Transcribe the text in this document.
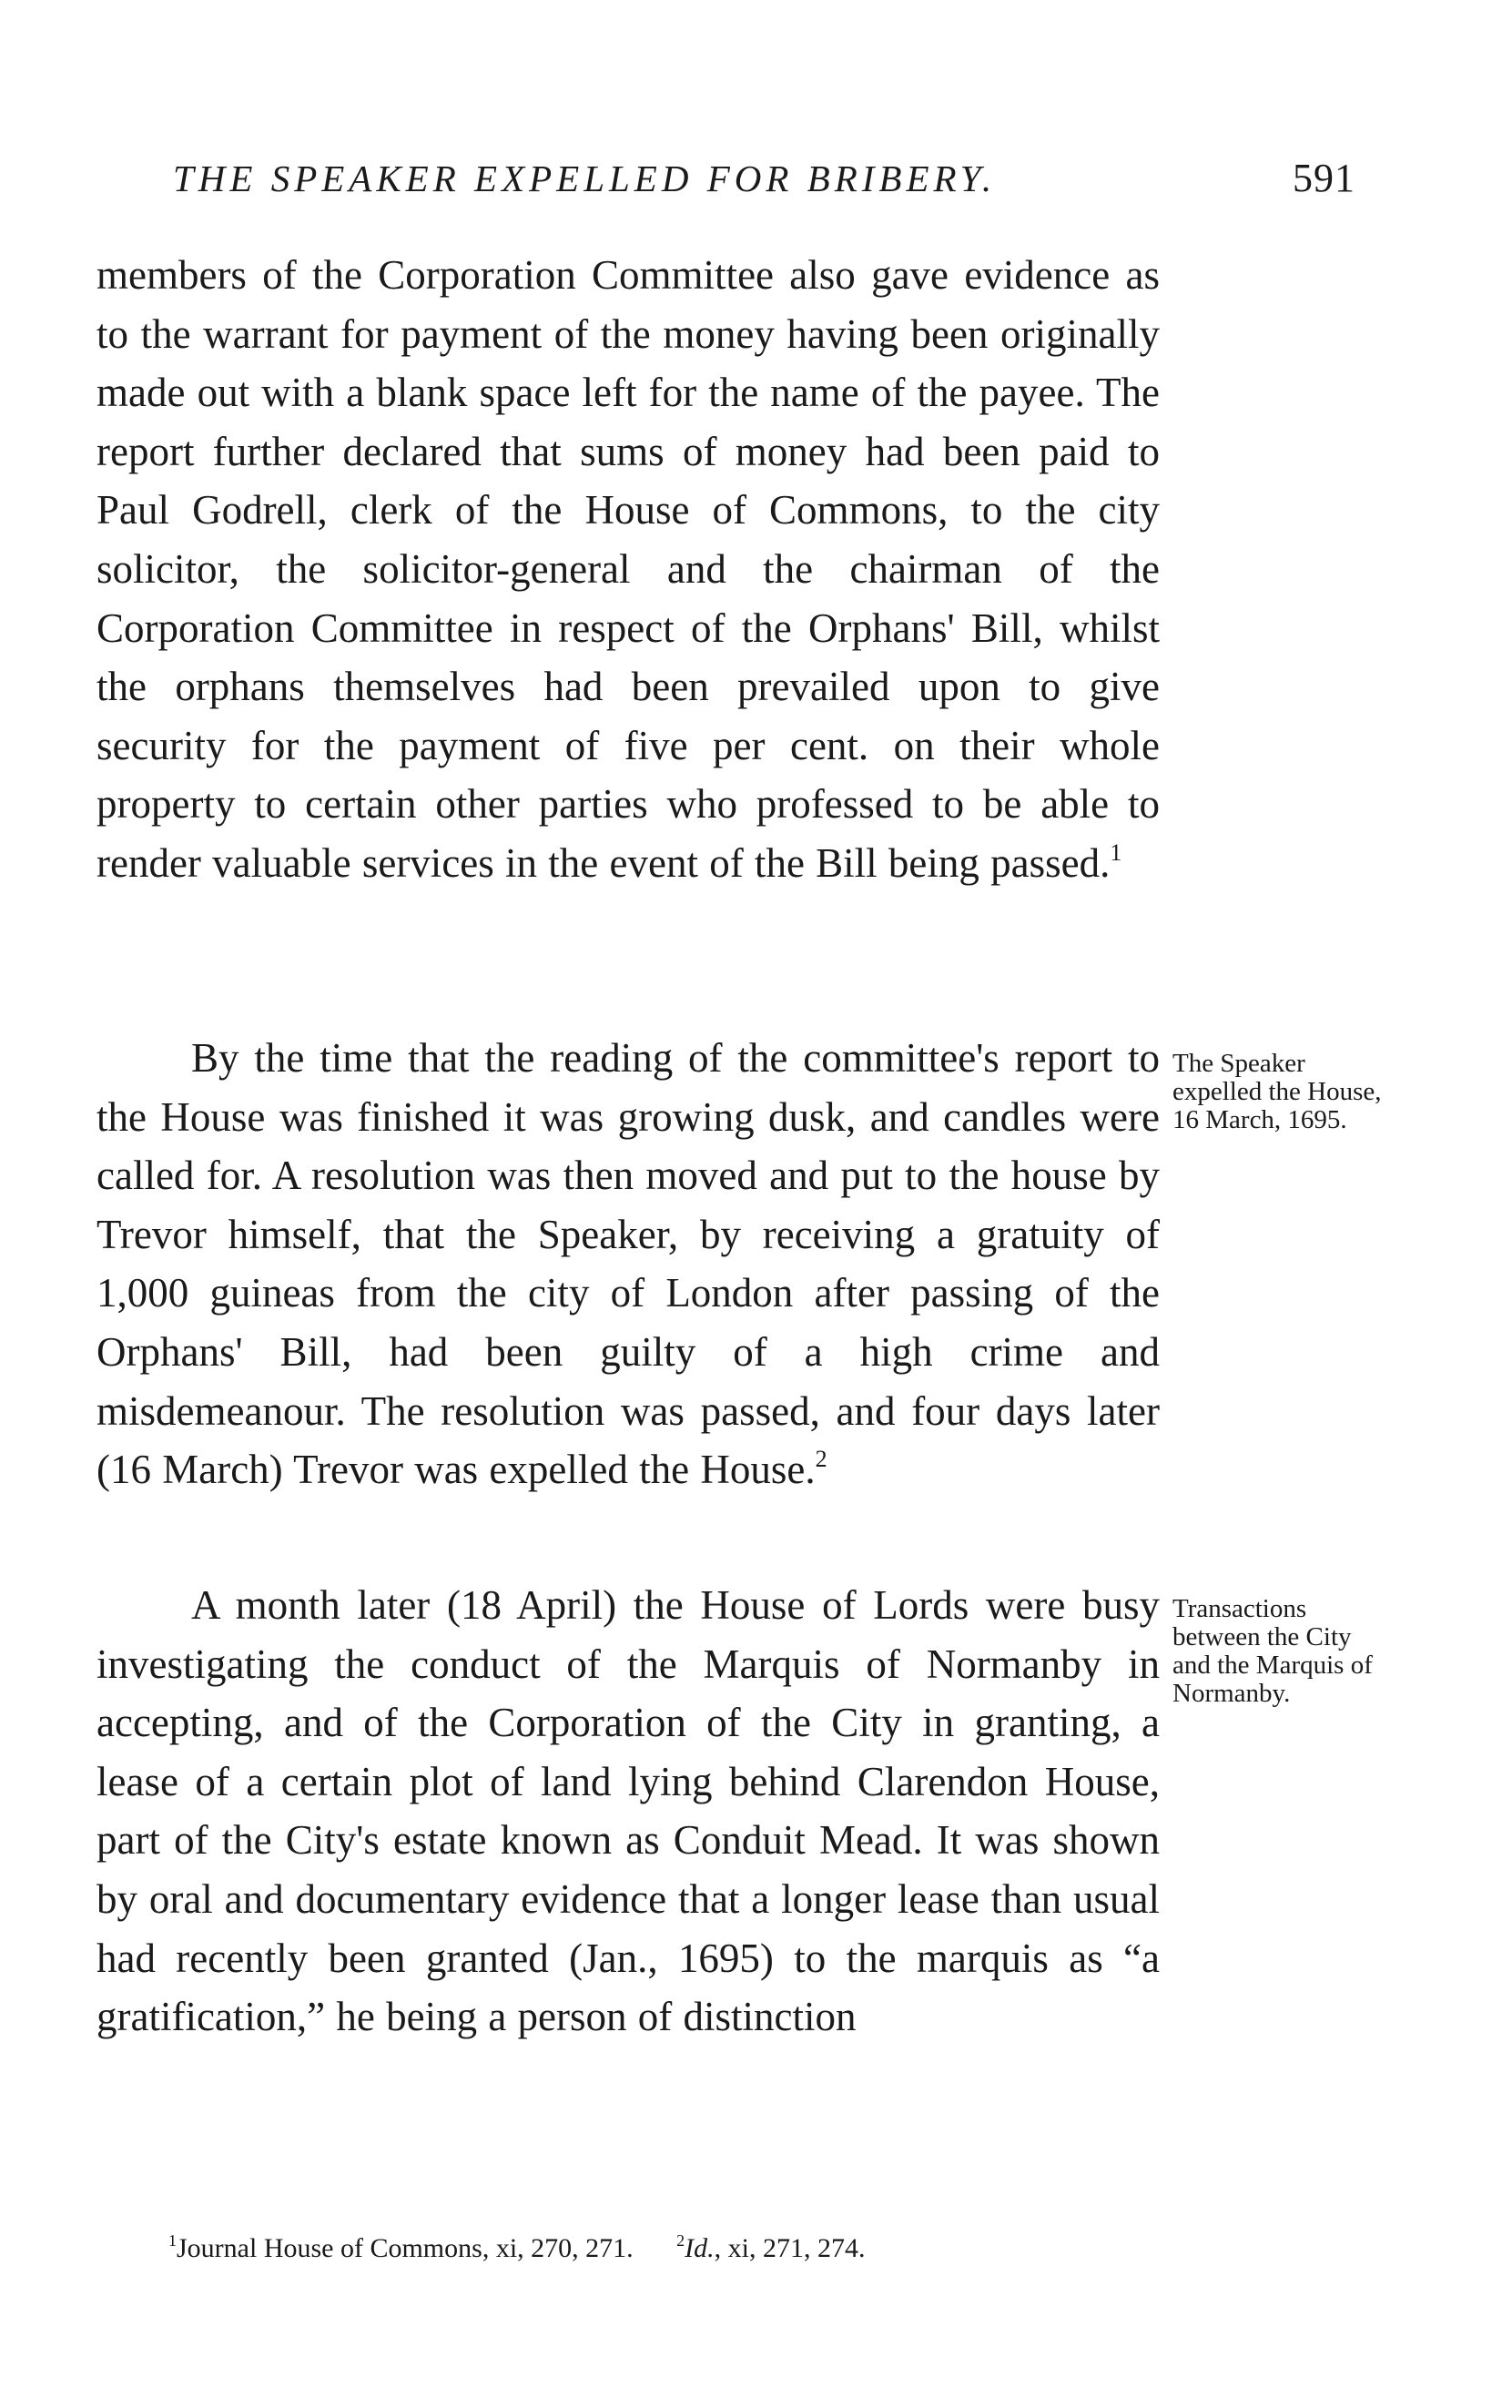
THE SPEAKER EXPELLED FOR BRIBERY.	591

members of the Corporation Committee also gave evidence as to the warrant for payment of the money having been originally made out with a blank space left for the name of the payee. The report further declared that sums of money had been paid to Paul Godrell, clerk of the House of Commons, to the city solicitor, the solicitor-general and the chairman of the Corporation Committee in respect of the Orphans' Bill, whilst the orphans themselves had been prevailed upon to give security for the payment of five per cent. on their whole property to certain other parties who professed to be able to render valuable services in the event of the Bill being passed.$^1$

By the time that the reading of the committee's report to the House was finished it was growing dusk, and candles were called for. A resolution was then moved and put to the house by Trevor himself, that the Speaker, by receiving a gratuity of 1,000 guineas from the city of London after passing of the Orphans' Bill, had been guilty of a high crime and misdemeanour. The resolution was passed, and four days later (16 March) Trevor was expelled the House.$^2$

A month later (18 April) the House of Lords were busy investigating the conduct of the Marquis of Normanby in accepting, and of the Corporation of the City in granting, a lease of a certain plot of land lying behind Clarendon House, part of the City's estate known as Conduit Mead. It was shown by oral and documentary evidence that a longer lease than usual had recently been granted (Jan., 1695) to the marquis as “a gratification,” he being a person of distinction

The Speaker expelled the House, 16 March, 1695.

Transactions between the City and the Marquis of Normanby.

$^1$Journal House of Commons, xi, 270, 271.	$^2$Id., xi, 271, 274.
